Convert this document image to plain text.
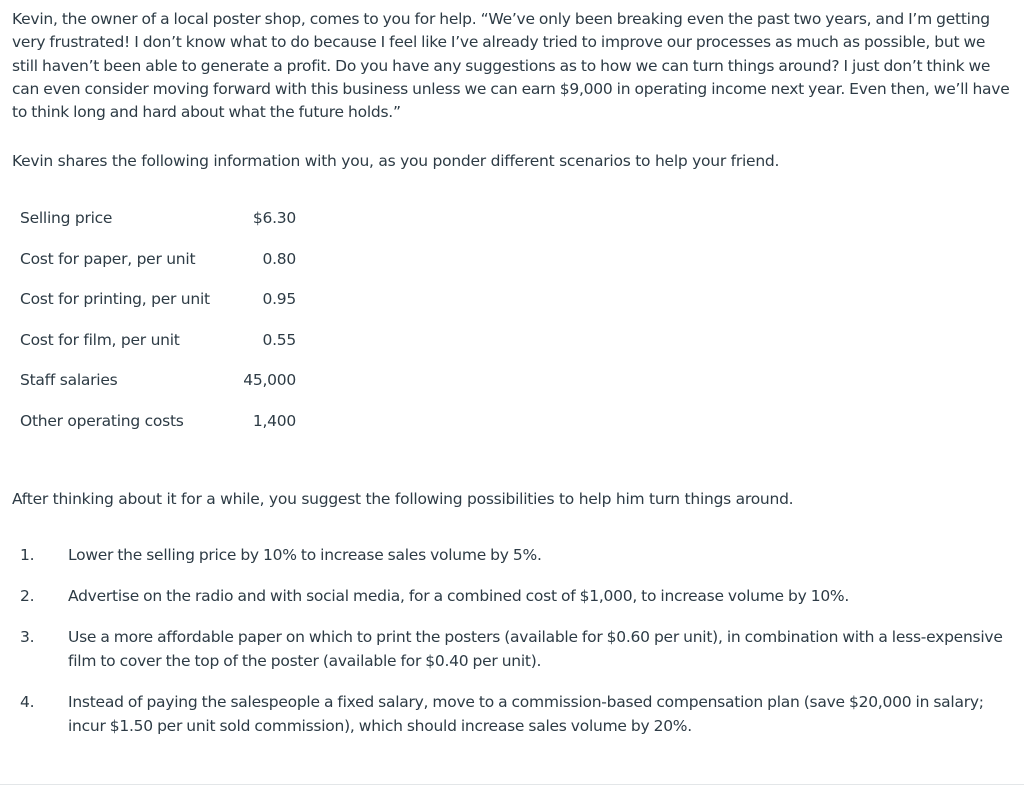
Kevin, the owner of a local poster shop, comes to you for help. “We’ve only been breaking even the past two years, and I’m getting very frustrated! I don’t know what to do because I feel like I’ve already tried to improve our processes as much as possible, but we still haven’t been able to generate a profit. Do you have any suggestions as to how we can turn things around? I just don’t think we can even consider moving forward with this business unless we can earn $9,000 in operating income next year. Even then, we’ll have to think long and hard about what the future holds.”

Kevin shares the following information with you, as you ponder different scenarios to help your friend.

Selling price	$6.30
Cost for paper, per unit	0.80
Cost for printing, per unit	0.95
Cost for film, per unit	0.55
Staff salaries	45,000
Other operating costs	1,400

After thinking about it for a while, you suggest the following possibilities to help him turn things around.

1.	Lower the selling price by 10% to increase sales volume by 5%.
2.	Advertise on the radio and with social media, for a combined cost of $1,000, to increase volume by 10%.
3.	Use a more affordable paper on which to print the posters (available for $0.60 per unit), in combination with a less-expensive film to cover the top of the poster (available for $0.40 per unit).
4.	Instead of paying the salespeople a fixed salary, move to a commission-based compensation plan (save $20,000 in salary; incur $1.50 per unit sold commission), which should increase sales volume by 20%.
